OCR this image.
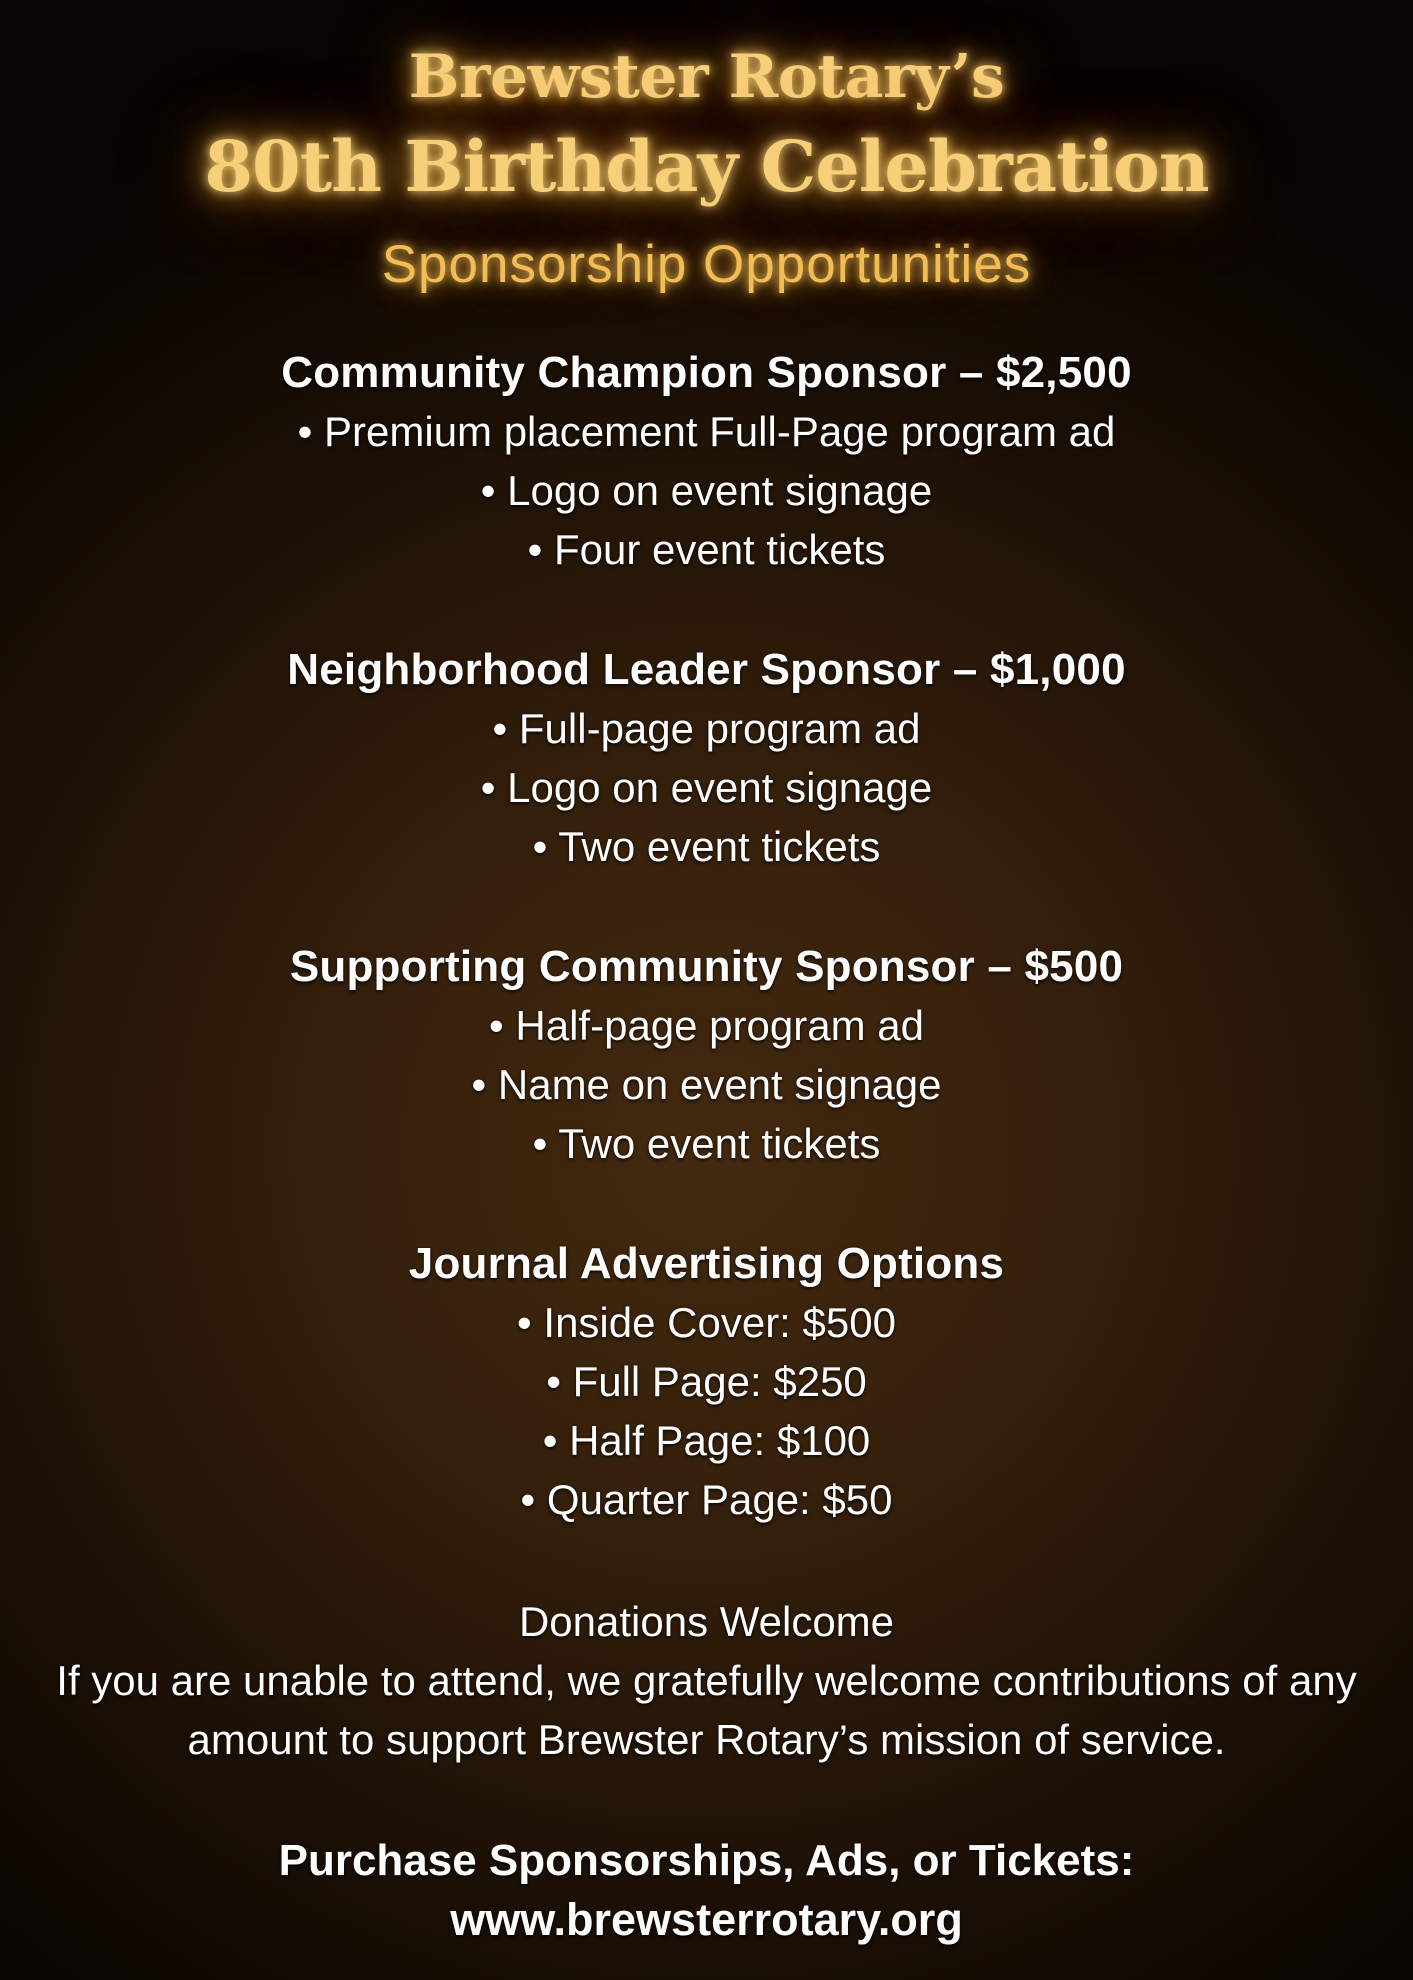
Brewster Rotary’s
80th Birthday Celebration
Sponsorship Opportunities
Community Champion Sponsor – $2,500
• Premium placement Full-Page program ad
• Logo on event signage
• Four event tickets
Neighborhood Leader Sponsor – $1,000
• Full-page program ad
• Logo on event signage
• Two event tickets
Supporting Community Sponsor – $500
• Half-page program ad
• Name on event signage
• Two event tickets
Journal Advertising Options
• Inside Cover: $500
• Full Page: $250
• Half Page: $100
• Quarter Page: $50
Donations Welcome

If you are unable to attend, we gratefully welcome contributions of any amount to support Brewster Rotary’s mission of service.

Purchase Sponsorships, Ads, or Tickets:
www.brewsterrotary.org
